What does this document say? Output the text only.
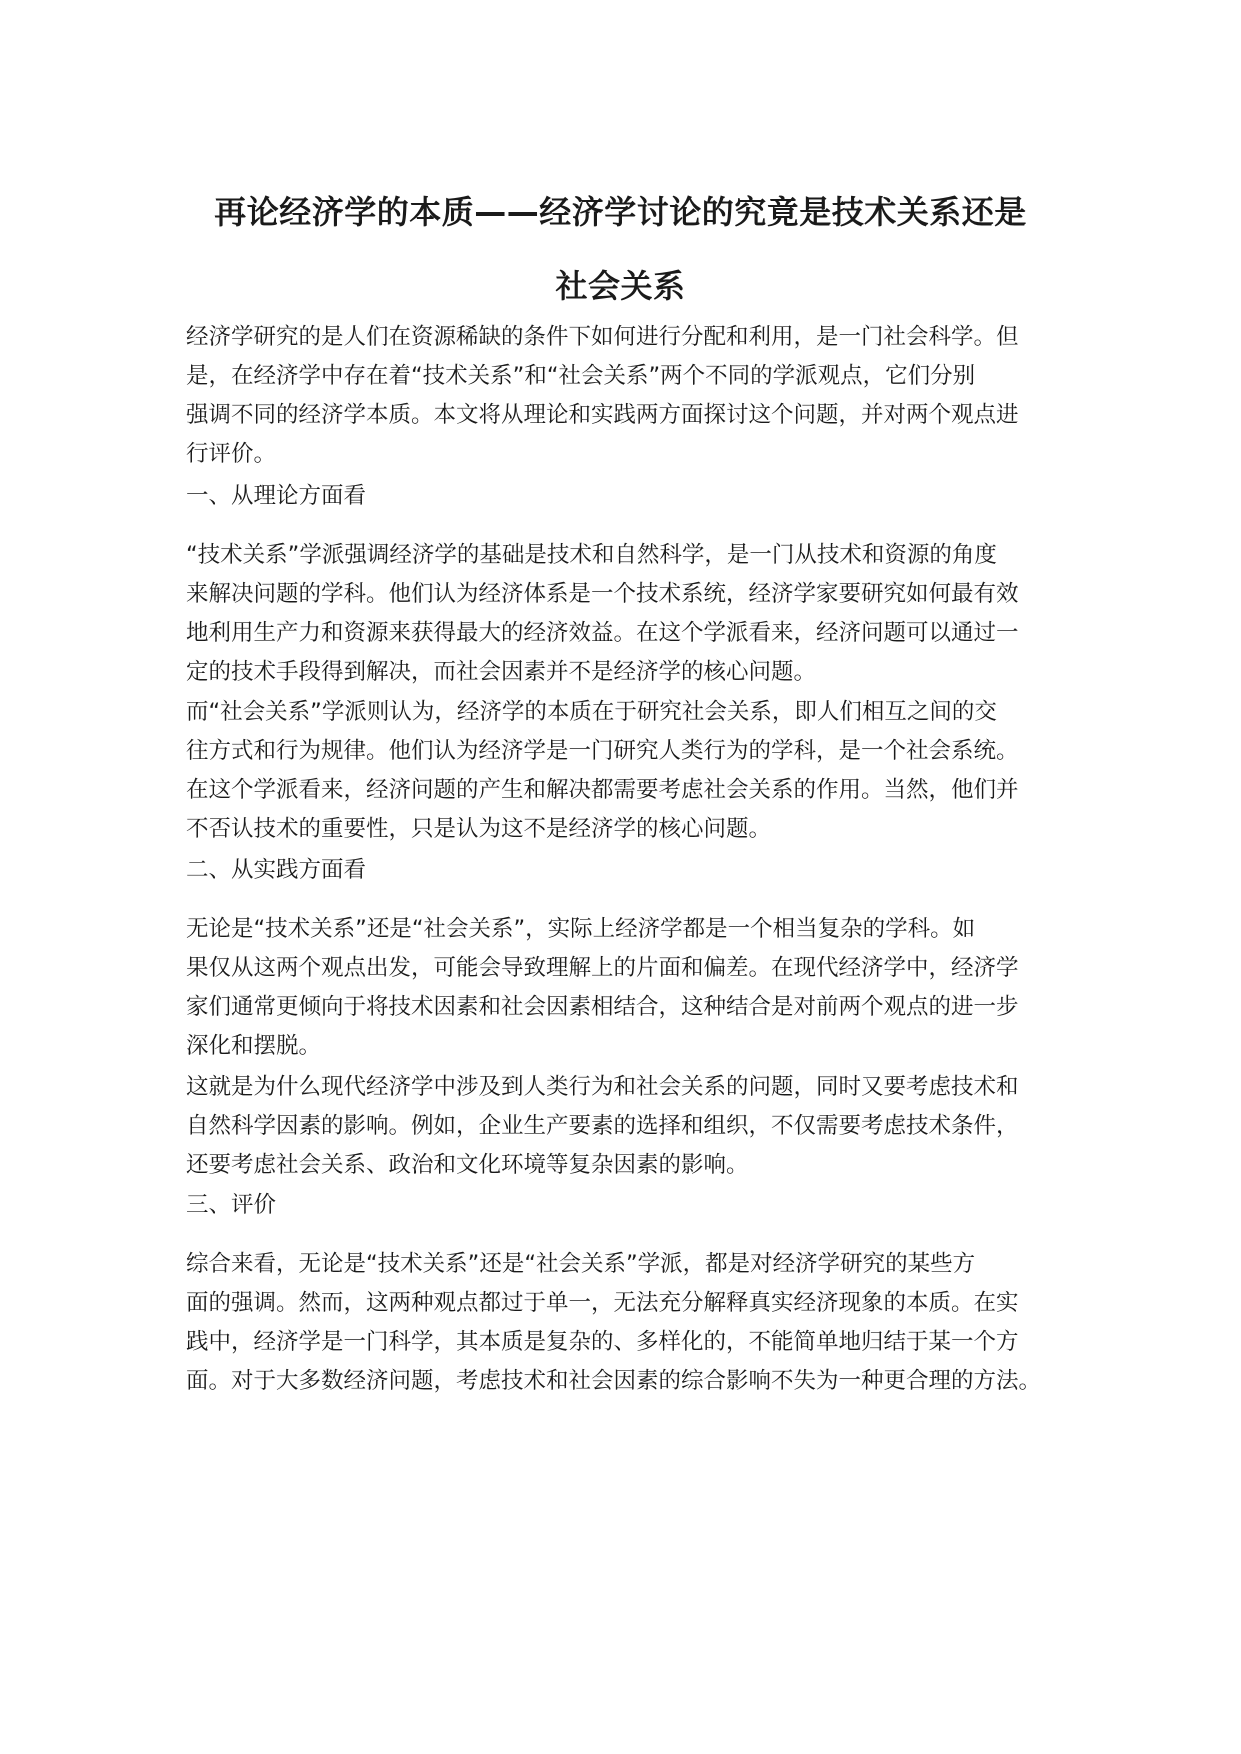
再论经济学的本质——经济学讨论的究竟是技术关系还是
社会关系
经济学研究的是人们在资源稀缺的条件下如何进行分配和利用，是一门社会科学。但
是，在经济学中存在着“技术关系”和“社会关系”两个不同的学派观点，它们分别
强调不同的经济学本质。本文将从理论和实践两方面探讨这个问题，并对两个观点进
行评价。
一、从理论方面看
“技术关系”学派强调经济学的基础是技术和自然科学，是一门从技术和资源的角度
来解决问题的学科。他们认为经济体系是一个技术系统，经济学家要研究如何最有效
地利用生产力和资源来获得最大的经济效益。在这个学派看来，经济问题可以通过一
定的技术手段得到解决，而社会因素并不是经济学的核心问题。
而“社会关系”学派则认为，经济学的本质在于研究社会关系，即人们相互之间的交
往方式和行为规律。他们认为经济学是一门研究人类行为的学科，是一个社会系统。
在这个学派看来，经济问题的产生和解决都需要考虑社会关系的作用。当然，他们并
不否认技术的重要性，只是认为这不是经济学的核心问题。
二、从实践方面看
无论是“技术关系”还是“社会关系”，实际上经济学都是一个相当复杂的学科。如
果仅从这两个观点出发，可能会导致理解上的片面和偏差。在现代经济学中，经济学
家们通常更倾向于将技术因素和社会因素相结合，这种结合是对前两个观点的进一步
深化和摆脱。
这就是为什么现代经济学中涉及到人类行为和社会关系的问题，同时又要考虑技术和
自然科学因素的影响。例如，企业生产要素的选择和组织，不仅需要考虑技术条件，
还要考虑社会关系、政治和文化环境等复杂因素的影响。
三、评价
综合来看，无论是“技术关系”还是“社会关系”学派，都是对经济学研究的某些方
面的强调。然而，这两种观点都过于单一，无法充分解释真实经济现象的本质。在实
践中，经济学是一门科学，其本质是复杂的、多样化的，不能简单地归结于某一个方
面。对于大多数经济问题，考虑技术和社会因素的综合影响不失为一种更合理的方法。
